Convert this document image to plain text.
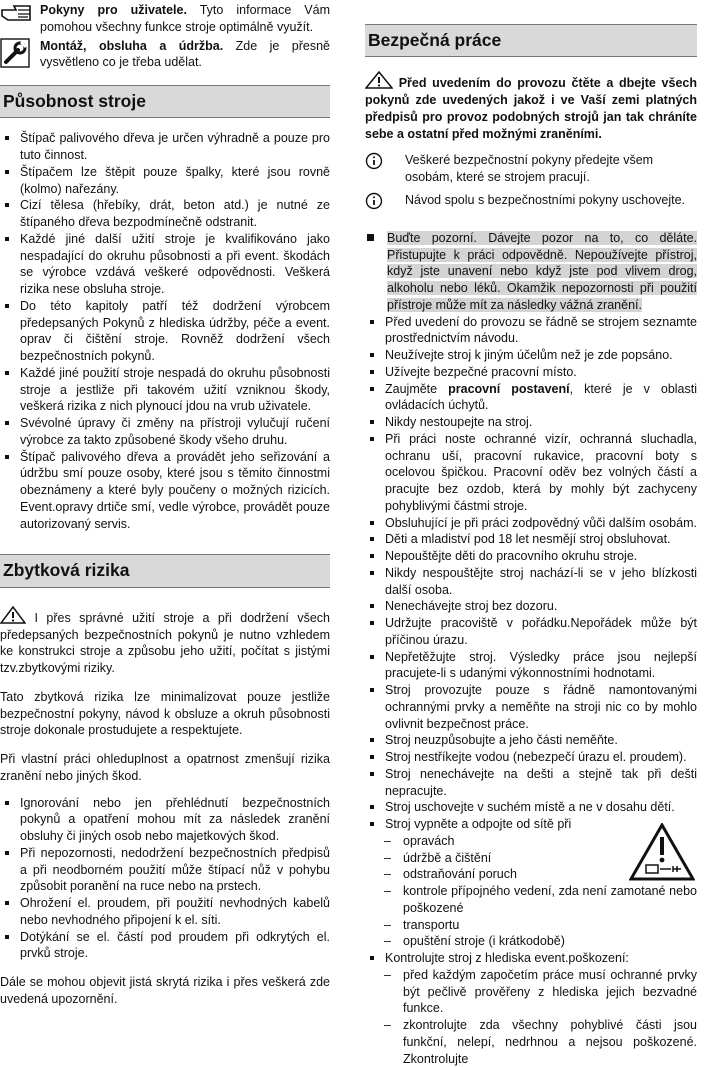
Pokyny pro uživatele. Tyto informace Vám pomohou všechny funkce stroje optimálně využít.

Montáž, obsluha a údržba. Zde je přesně vysvětleno co je třeba udělat.

Působnost stroje
Štípač palivového dřeva je určen výhradně a pouze pro tuto činnost.
Štípačem lze štěpit pouze špalky, které jsou rovně (kolmo) nařezány.
Cizí tělesa (hřebíky, drát, beton atd.) je nutné ze štípaného dřeva bezpodmínečně odstranit.
Každé jiné další užití stroje je kvalifikováno jako nespadající do okruhu působnosti a při event. škodách se výrobce vzdává veškeré odpovědnosti. Veškerá rizika nese obsluha stroje.
Do této kapitoly patří též dodržení výrobcem předepsaných Pokynů z hlediska údržby, péče a event. oprav či čištění stroje. Rovněž dodržení všech bezpečnostních pokynů.
Každé jiné použití stroje nespadá do okruhu působnosti stroje a jestliže při takovém užití vzniknou škody, veškerá rizika z nich plynoucí jdou na vrub uživatele.
Svévolné úpravy či změny na přístroji vylučují ručení výrobce za takto způsobené škody všeho druhu.
Štípač palivového dřeva a provádět jeho seřizování a údržbu smí pouze osoby, které jsou s těmito činnostmi obeznámeny a které byly poučeny o možných rizicích. Event.opravy drtiče smí, vedle výrobce, provádět pouze autorizovaný servis.
Zbytková rizika

I přes správné užití stroje a při dodržení všech předepsaných bezpečnostních pokynů je nutno vzhledem ke konstrukci stroje a způsobu jeho užití, počítat s jistými tzv.zbytkovými riziky.

Tato zbytková rizika lze minimalizovat pouze jestliže bezpečnostní pokyny, návod k obsluze a okruh působnosti stroje dokonale prostudujete a respektujete.

Při vlastní práci ohleduplnost a opatrnost zmenšují rizika zranění nebo jiných škod.

Ignorování nebo jen přehlédnutí bezpečnostních pokynů a opatření mohou mít za následek zranění obsluhy či jiných osob nebo majetkových škod.
Při nepozornosti, nedodržení bezpečnostních předpisů a při neodborném použití může štípací nůž v pohybu způsobit poranění na ruce nebo na prstech.
Ohrožení el. proudem, při použití nevhodných kabelů nebo nevhodného připojení k el. síti.
Dotýkání se el. částí pod proudem při odkrytých el. prvků stroje.

Dále se mohou objevit jistá skrytá rizika i přes veškerá zde uvedená upozornění.

Bezpečná práce

Před uvedením do provozu čtěte a dbejte všech pokynů zde uvedených jakož i ve Vaší zemi platných předpisů pro provoz podobných strojů jan tak chráníte sebe a ostatní před možnými zraněními.

Veškeré bezpečnostní pokyny předejte všem osobám, které se strojem pracují.

Návod spolu s bezpečnostními pokyny uschovejte.

Buďte pozorní. Dávejte pozor na to, co děláte. Přistupujte k práci odpovědně. Nepoužívejte přístroj, když jste unavení nebo když jste pod vlivem drog, alkoholu nebo léků. Okamžik nepozornosti při použití přístroje může mít za následky vážná zranění.
Před uvedení do provozu se řádně se strojem seznamte prostřednictvím návodu.
Neužívejte stroj k jiným účelům než je zde popsáno.
Užívejte bezpečné pracovní místo.
Zaujměte pracovní postavení, které je v oblasti ovládacích úchytů.
Nikdy nestoupejte na stroj.
Při práci noste ochranné vizír, ochranná sluchadla, ochranu uší, pracovní rukavice, pracovní boty s ocelovou špičkou. Pracovní oděv bez volných částí a pracujte bez ozdob, která by mohly být zachyceny pohyblivými částmi stroje.
Obsluhující je při práci zodpovědný vůči dalším osobám.
Děti a mladiství pod 18 let nesmějí stroj obsluhovat.
Nepouštějte děti do pracovního okruhu stroje.
Nikdy nespouštějte stroj nachází-li se v jeho blízkosti další osoba.
Nenechávejte stroj bez dozoru.
Udržujte pracoviště v pořádku.Nepořádek může být příčinou úrazu.
Nepřetěžujte stroj. Výsledky práce jsou nejlepší pracujete-li s udanými výkonnostními hodnotami.
Stroj provozujte pouze s řádně namontovanými ochrannými prvky a neměňte na stroji nic co by mohlo ovlivnit bezpečnost práce.
Stroj neuzpůsobujte a jeho části neměňte.
Stroj nestříkejte vodou (nebezpečí úrazu el. proudem).
Stroj nenechávejte na dešti a stejně tak při dešti nepracujte.
Stroj uschovejte v suchém místě a ne v dosahu dětí.
Stroj vypněte a odpojte od sítě při
– opravách
– údržbě a čištění
– odstraňování poruch
– kontrole přípojného vedení, zda není zamotané nebo poškozené
– transportu
– opuštění stroje (i krátkodobě)
Kontrolujte stroj z hlediska event.poškození:
– před každým započetím práce musí ochranné prvky být pečlivě prověřeny z hlediska jejich bezvadné funkce.
– zkontrolujte zda všechny pohyblivé části jsou funkční, nelepí, nedrhnou a nejsou poškozené. Zkontrolujte
